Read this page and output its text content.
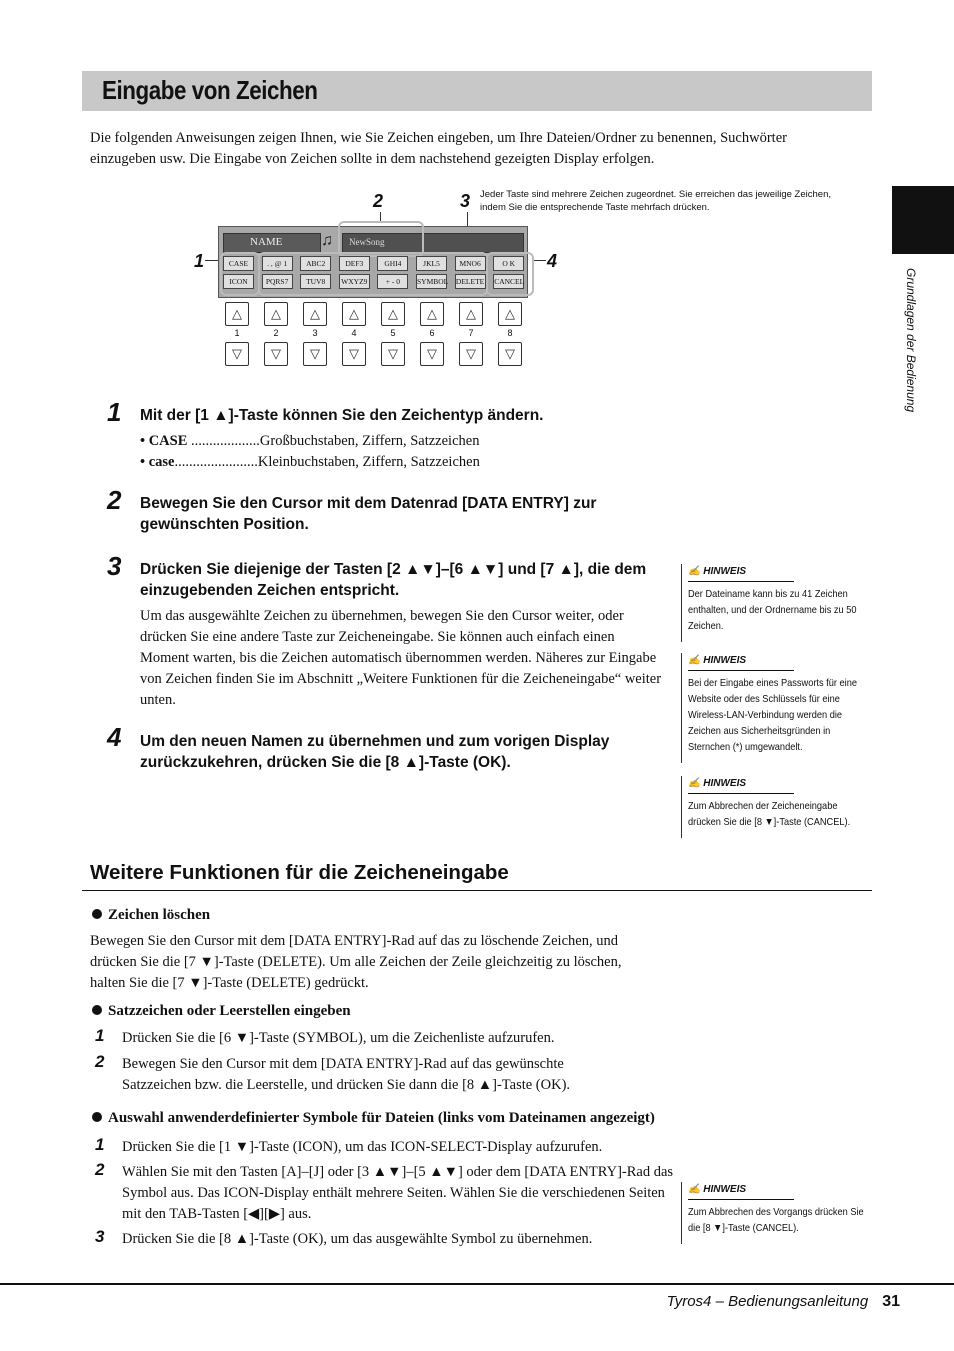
Eingabe von Zeichen
Die folgenden Anweisungen zeigen Ihnen, wie Sie Zeichen eingeben, um Ihre Dateien/Ordner zu benennen, Suchwörter einzugeben usw. Die Eingabe von Zeichen sollte in dem nachstehend gezeigten Display erfolgen.
Grundlagen der Bedienung
Jeder Taste sind mehrere Zeichen zugeordnet. Sie erreichen das jeweilige Zeichen, indem Sie die entsprechende Taste mehrfach drücken.
2	3
1	4
NAME ♫	NewSong
CASE
ICON
. , @ 1
PQRS7
ABC2
TUV8
DEF3
WXYZ9
GHI4
+ - 0
JKL5
SYMBOL
MNO6
DELETE
O K
CANCEL
△
1
▽
△
2
▽
△
3
▽
△
4
▽
△
5
▽
△
6
▽
△
7
▽
△
8
▽
1 Mit der [1 ▲]-Taste können Sie den Zeichentyp ändern.
• CASE ...................Großbuchstaben, Ziffern, Satzzeichen
• case.......................Kleinbuchstaben, Ziffern, Satzzeichen
2 Bewegen Sie den Cursor mit dem Datenrad [DATA ENTRY] zur gewünschten Position.
3 Drücken Sie diejenige der Tasten [2 ▲▼]–[6 ▲▼] und [7 ▲], die dem einzugebenden Zeichen entspricht.
Um das ausgewählte Zeichen zu übernehmen, bewegen Sie den Cursor weiter, oder drücken Sie eine andere Taste zur Zeicheneingabe. Sie können auch einfach einen Moment warten, bis die Zeichen automatisch übernommen werden. Näheres zur Eingabe von Zeichen finden Sie im Abschnitt „Weitere Funktionen für die Zeicheneingabe“ weiter unten.
4 Um den neuen Namen zu übernehmen und zum vorigen Display zurückzukehren, drücken Sie die [8 ▲]-Taste (OK).
✍ HINWEIS
Der Dateiname kann bis zu 41 Zeichen enthalten, und der Ordnername bis zu 50 Zeichen.
✍ HINWEIS
Bei der Eingabe eines Passworts für eine Website oder des Schlüssels für eine Wireless-LAN-Verbindung werden die Zeichen aus Sicherheitsgründen in Sternchen (*) umgewandelt.
✍ HINWEIS
Zum Abbrechen der Zeicheneingabe drücken Sie die [8 ▼]-Taste (CANCEL).
Weitere Funktionen für die Zeicheneingabe
Zeichen löschen
Bewegen Sie den Cursor mit dem [DATA ENTRY]-Rad auf das zu löschende Zeichen, und drücken Sie die [7 ▼]-Taste (DELETE). Um alle Zeichen der Zeile gleichzeitig zu löschen, halten Sie die [7 ▼]-Taste (DELETE) gedrückt.
Satzzeichen oder Leerstellen eingeben
1 Drücken Sie die [6 ▼]-Taste (SYMBOL), um die Zeichenliste aufzurufen.
2 Bewegen Sie den Cursor mit dem [DATA ENTRY]-Rad auf das gewünschte Satzzeichen bzw. die Leerstelle, und drücken Sie dann die [8 ▲]-Taste (OK).
Auswahl anwenderdefinierter Symbole für Dateien (links vom Dateinamen angezeigt)
1 Drücken Sie die [1 ▼]-Taste (ICON), um das ICON-SELECT-Display aufzurufen.
2 Wählen Sie mit den Tasten [A]–[J] oder [3 ▲▼]–[5 ▲▼] oder dem [DATA ENTRY]-Rad das Symbol aus. Das ICON-Display enthält mehrere Seiten. Wählen Sie die verschiedenen Seiten mit den TAB-Tasten [◀][▶] aus.
3 Drücken Sie die [8 ▲]-Taste (OK), um das ausgewählte Symbol zu übernehmen.
✍ HINWEIS
Zum Abbrechen des Vorgangs drücken Sie die [8 ▼]-Taste (CANCEL).
Tyros4 – Bedienungsanleitung 31
